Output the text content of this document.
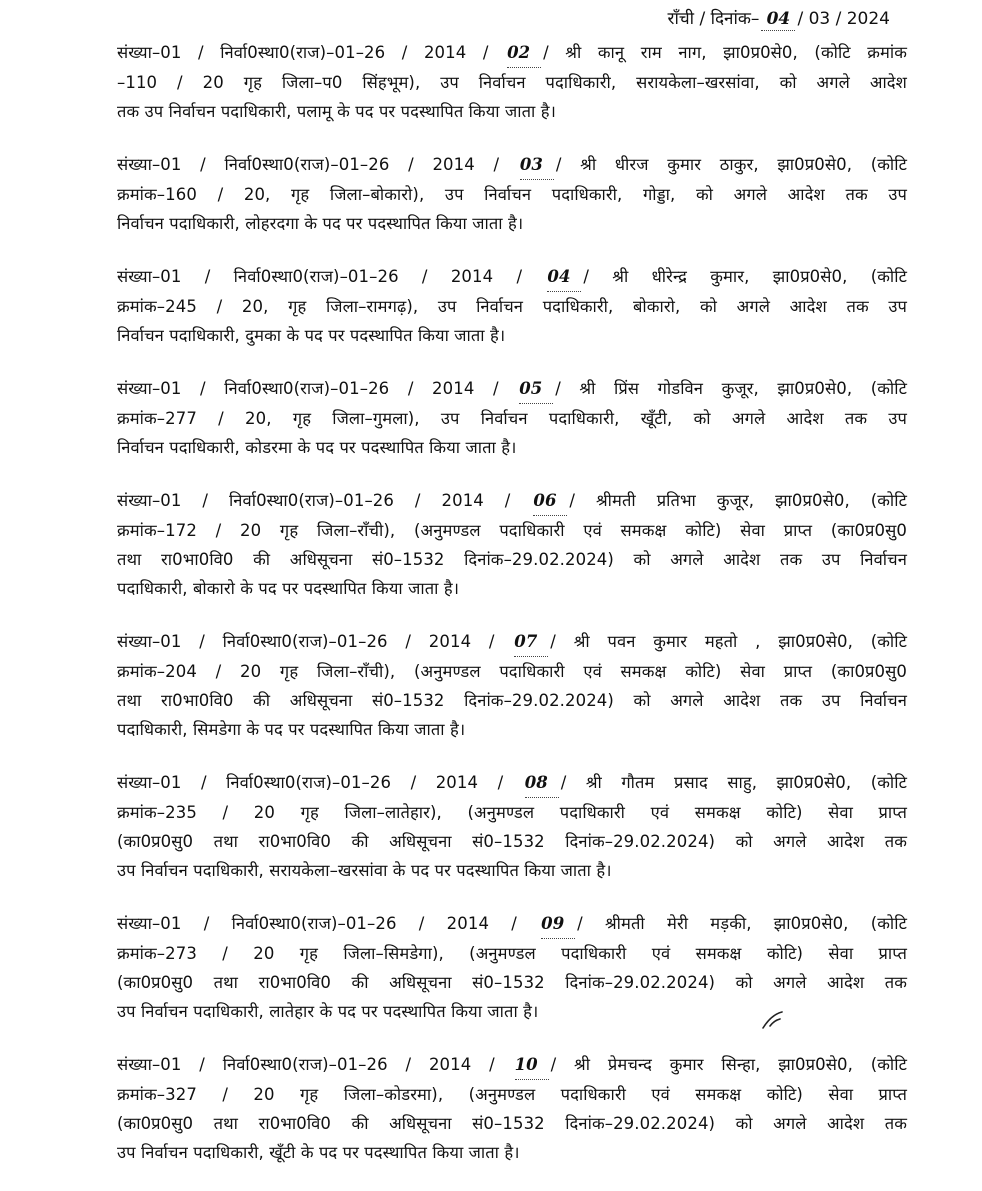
राँची / दिनांक– 04 / 03 / 2024
संख्या–01 / निर्वा0स्था0(राज)–01–26 / 2014 / 02 / श्री कानू राम नाग, झा0प्र0से0, (कोटि क्रमांक
–110 / 20 गृह जिला–प0 सिंहभूम), उप निर्वाचन पदाधिकारी, सरायकेला–खरसांवा, को अगले आदेश
तक उप निर्वाचन पदाधिकारी, पलामू के पद पर पदस्थापित किया जाता है।
संख्या–01 / निर्वा0स्था0(राज)–01–26 / 2014 / 03 / श्री धीरज कुमार ठाकुर, झा0प्र0से0, (कोटि
क्रमांक–160 / 20, गृह जिला–बोकारो), उप निर्वाचन पदाधिकारी, गोड्डा, को अगले आदेश तक उप
निर्वाचन पदाधिकारी, लोहरदगा के पद पर पदस्थापित किया जाता है।
संख्या–01 / निर्वा0स्था0(राज)–01–26 / 2014 / 04 / श्री धीरेन्द्र कुमार, झा0प्र0से0, (कोटि
क्रमांक–245 / 20, गृह जिला–रामगढ़), उप निर्वाचन पदाधिकारी, बोकारो, को अगले आदेश तक उप
निर्वाचन पदाधिकारी, दुमका के पद पर पदस्थापित किया जाता है।
संख्या–01 / निर्वा0स्था0(राज)–01–26 / 2014 / 05 / श्री प्रिंस गोडविन कुजूर, झा0प्र0से0, (कोटि
क्रमांक–277 / 20, गृह जिला–गुमला), उप निर्वाचन पदाधिकारी, खूँटी, को अगले आदेश तक उप
निर्वाचन पदाधिकारी, कोडरमा के पद पर पदस्थापित किया जाता है।
संख्या–01 / निर्वा0स्था0(राज)–01–26 / 2014 / 06 / श्रीमती प्रतिभा कुजूर, झा0प्र0से0, (कोटि
क्रमांक–172 / 20 गृह जिला–राँची), (अनुमण्डल पदाधिकारी एवं समकक्ष कोटि) सेवा प्राप्त (का0प्र0सु0
तथा रा0भा0वि0 की अधिसूचना सं0–1532 दिनांक–29.02.2024) को अगले आदेश तक उप निर्वाचन
पदाधिकारी, बोकारो के पद पर पदस्थापित किया जाता है।
संख्या–01 / निर्वा0स्था0(राज)–01–26 / 2014 / 07 / श्री पवन कुमार महतो , झा0प्र0से0, (कोटि
क्रमांक–204 / 20 गृह जिला–राँची), (अनुमण्डल पदाधिकारी एवं समकक्ष कोटि) सेवा प्राप्त (का0प्र0सु0
तथा रा0भा0वि0 की अधिसूचना सं0–1532 दिनांक–29.02.2024) को अगले आदेश तक उप निर्वाचन
पदाधिकारी, सिमडेगा के पद पर पदस्थापित किया जाता है।
संख्या–01 / निर्वा0स्था0(राज)–01–26 / 2014 / 08 / श्री गौतम प्रसाद साहु, झा0प्र0से0, (कोटि
क्रमांक–235 / 20 गृह जिला–लातेहार), (अनुमण्डल पदाधिकारी एवं समकक्ष कोटि) सेवा प्राप्त
(का0प्र0सु0 तथा रा0भा0वि0 की अधिसूचना सं0–1532 दिनांक–29.02.2024) को अगले आदेश तक
उप निर्वाचन पदाधिकारी, सरायकेला–खरसांवा के पद पर पदस्थापित किया जाता है।
संख्या–01 / निर्वा0स्था0(राज)–01–26 / 2014 / 09 / श्रीमती मेरी मड़की, झा0प्र0से0, (कोटि
क्रमांक–273 / 20 गृह जिला–सिमडेगा), (अनुमण्डल पदाधिकारी एवं समकक्ष कोटि) सेवा प्राप्त
(का0प्र0सु0 तथा रा0भा0वि0 की अधिसूचना सं0–1532 दिनांक–29.02.2024) को अगले आदेश तक
उप निर्वाचन पदाधिकारी, लातेहार के पद पर पदस्थापित किया जाता है।
संख्या–01 / निर्वा0स्था0(राज)–01–26 / 2014 / 10 / श्री प्रेमचन्द कुमार सिन्हा, झा0प्र0से0, (कोटि
क्रमांक–327 / 20 गृह जिला–कोडरमा), (अनुमण्डल पदाधिकारी एवं समकक्ष कोटि) सेवा प्राप्त
(का0प्र0सु0 तथा रा0भा0वि0 की अधिसूचना सं0–1532 दिनांक–29.02.2024) को अगले आदेश तक
उप निर्वाचन पदाधिकारी, खूँटी के पद पर पदस्थापित किया जाता है।
